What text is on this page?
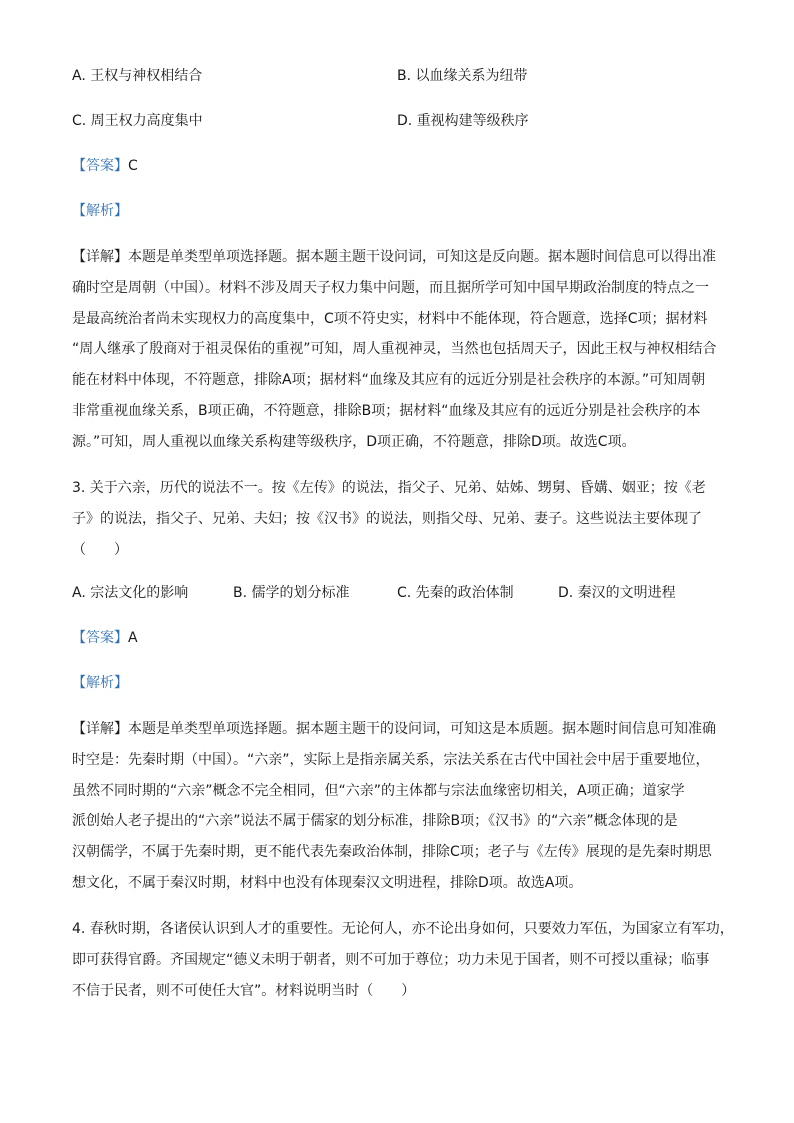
A. 王权与神权相结合	B. 以血缘关系为纽带
C. 周王权力高度集中	D. 重视构建等级秩序
【答案】C
【解析】
【详解】本题是单类型单项选择题。据本题主题干设问词，可知这是反向题。据本题时间信息可以得出准
确时空是周朝（中国）。材料不涉及周天子权力集中问题，而且据所学可知中国早期政治制度的特点之一
是最高统治者尚未实现权力的高度集中，C项不符史实，材料中不能体现，符合题意，选择C项；据材料
“周人继承了殷商对于祖灵保佑的重视”可知，周人重视神灵，当然也包括周天子，因此王权与神权相结合
能在材料中体现，不符题意，排除A项；据材料“血缘及其应有的远近分别是社会秩序的本源。”可知周朝
非常重视血缘关系，B项正确，不符题意，排除B项；据材料“血缘及其应有的远近分别是社会秩序的本
源。”可知，周人重视以血缘关系构建等级秩序，D项正确，不符题意，排除D项。故选C项。
3. 关于六亲，历代的说法不一。按《左传》的说法，指父子、兄弟、姑姊、甥舅、昏媾、姻亚；按《老
子》的说法，指父子、兄弟、夫妇；按《汉书》的说法，则指父母、兄弟、妻子。这些说法主要体现了
（　　）
A. 宗法文化的影响	B. 儒学的划分标准	C. 先秦的政治体制	D. 秦汉的文明进程
【答案】A
【解析】
【详解】本题是单类型单项选择题。据本题主题干的设问词，可知这是本质题。据本题时间信息可知准确
时空是：先秦时期（中国）。“六亲”，实际上是指亲属关系，宗法关系在古代中国社会中居于重要地位，
虽然不同时期的“六亲”概念不完全相同，但“六亲”的主体都与宗法血缘密切相关，A项正确；道家学
派创始人老子提出的“六亲”说法不属于儒家的划分标准，排除B项；《汉书》的“六亲”概念体现的是
汉朝儒学，不属于先秦时期，更不能代表先秦政治体制，排除C项；老子与《左传》展现的是先秦时期思
想文化，不属于秦汉时期，材料中也没有体现秦汉文明进程，排除D项。故选A项。
4. 春秋时期，各诸侯认识到人才的重要性。无论何人，亦不论出身如何，只要效力军伍，为国家立有军功，
即可获得官爵。齐国规定“德义未明于朝者，则不可加于尊位；功力未见于国者，则不可授以重禄；临事
不信于民者，则不可使任大官”。材料说明当时（　　）
